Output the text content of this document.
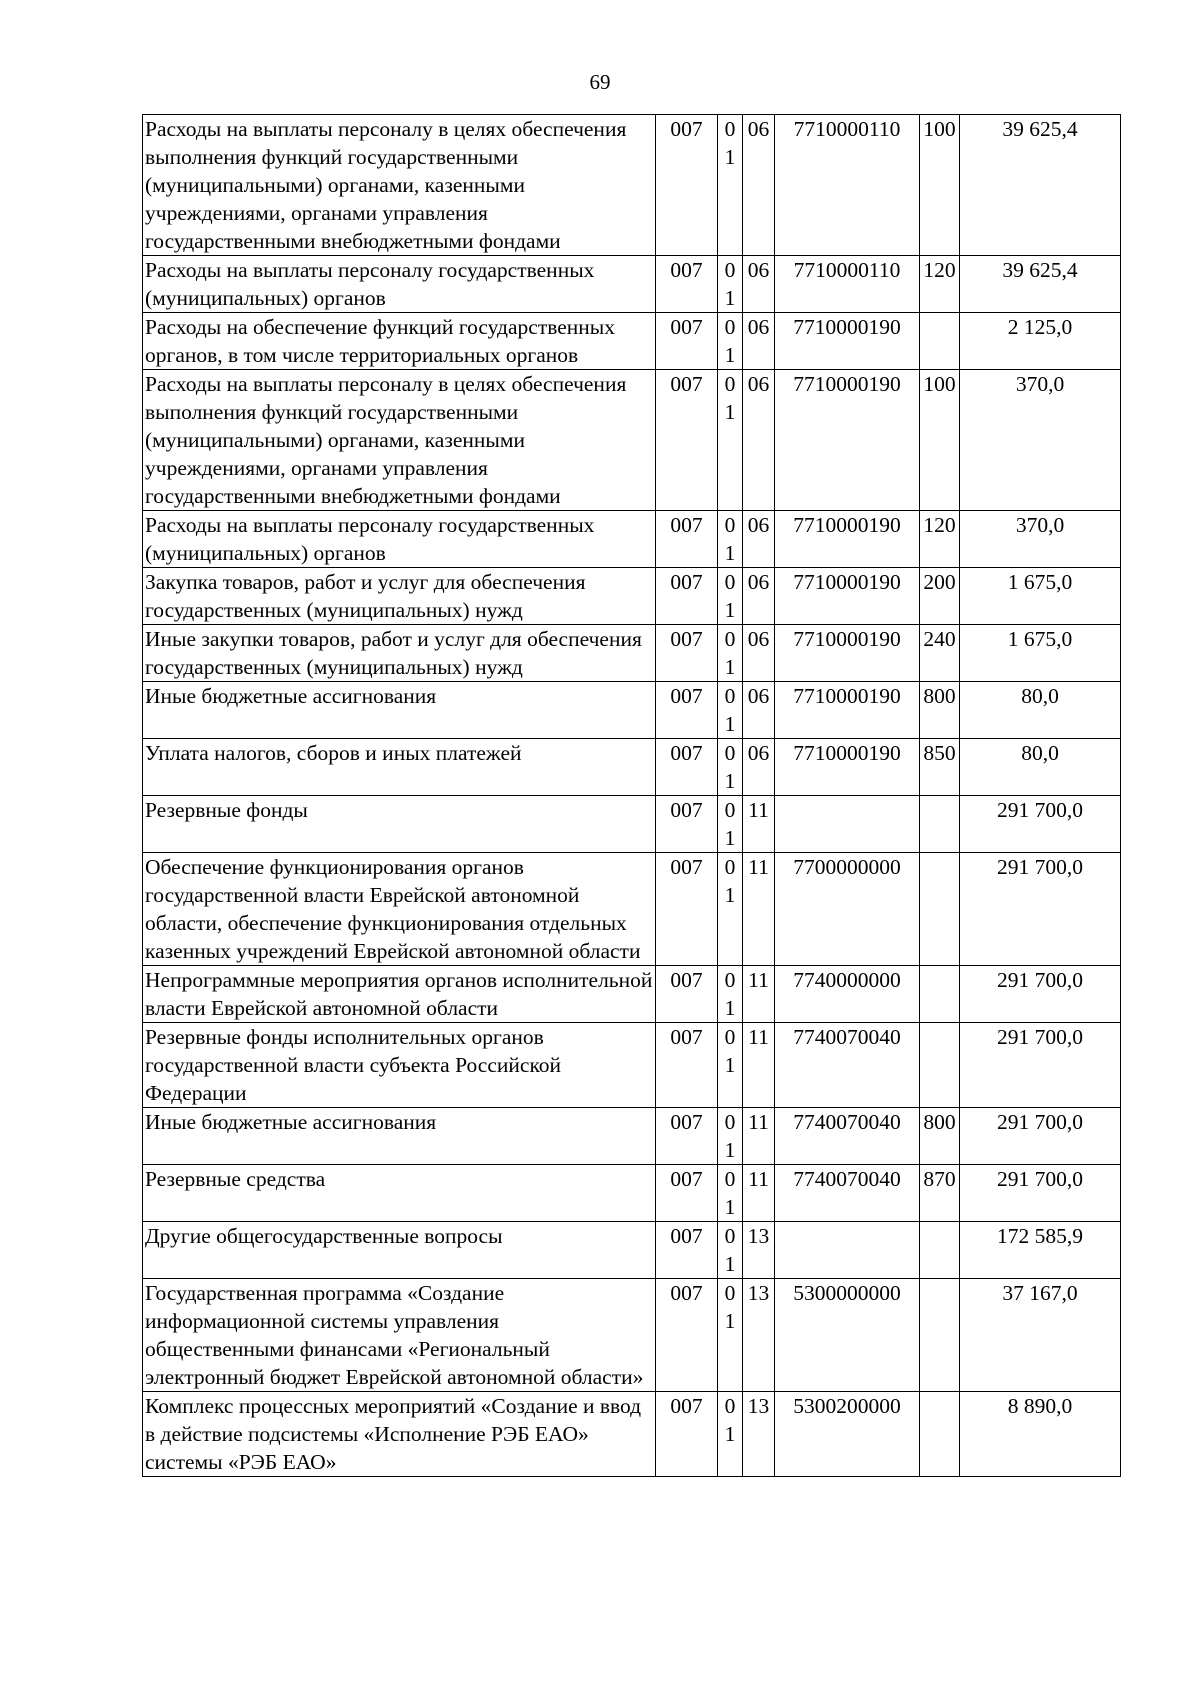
69
Расходы на выплаты персоналу в целях обеспечения выполнения функций государственными (муниципальными) органами, казенными учреждениями, органами управления государственными внебюджетными фондами	007	01	06	7710000110	100	39 625,4
Расходы на выплаты персоналу государственных (муниципальных) органов	007	01	06	7710000110	120	39 625,4
Расходы на обеспечение функций государственных органов, в том числе территориальных органов	007	01	06	7710000190		2 125,0
Расходы на выплаты персоналу в целях обеспечения выполнения функций государственными (муниципальными) органами, казенными учреждениями, органами управления государственными внебюджетными фондами	007	01	06	7710000190	100	370,0
Расходы на выплаты персоналу государственных (муниципальных) органов	007	01	06	7710000190	120	370,0
Закупка товаров, работ и услуг для обеспечения государственных (муниципальных) нужд	007	01	06	7710000190	200	1 675,0
Иные закупки товаров, работ и услуг для обеспечения государственных (муниципальных) нужд	007	01	06	7710000190	240	1 675,0
Иные бюджетные ассигнования	007	01	06	7710000190	800	80,0
Уплата налогов, сборов и иных платежей	007	01	06	7710000190	850	80,0
Резервные фонды	007	01	11			291 700,0
Обеспечение функционирования органов государственной власти Еврейской автономной области, обеспечение функционирования отдельных казенных учреждений Еврейской автономной области	007	01	11	7700000000		291 700,0
Непрограммные мероприятия органов исполнительной власти Еврейской автономной области	007	01	11	7740000000		291 700,0
Резервные фонды исполнительных органов государственной власти субъекта Российской Федерации	007	01	11	7740070040		291 700,0
Иные бюджетные ассигнования	007	01	11	7740070040	800	291 700,0
Резервные средства	007	01	11	7740070040	870	291 700,0
Другие общегосударственные вопросы	007	01	13			172 585,9
Государственная программа «Создание информационной системы управления общественными финансами «Региональный электронный бюджет Еврейской автономной области»	007	01	13	5300000000		37 167,0
Комплекс процессных мероприятий «Создание и ввод в действие подсистемы «Исполнение РЭБ ЕАО» системы «РЭБ ЕАО»	007	01	13	5300200000		8 890,0
